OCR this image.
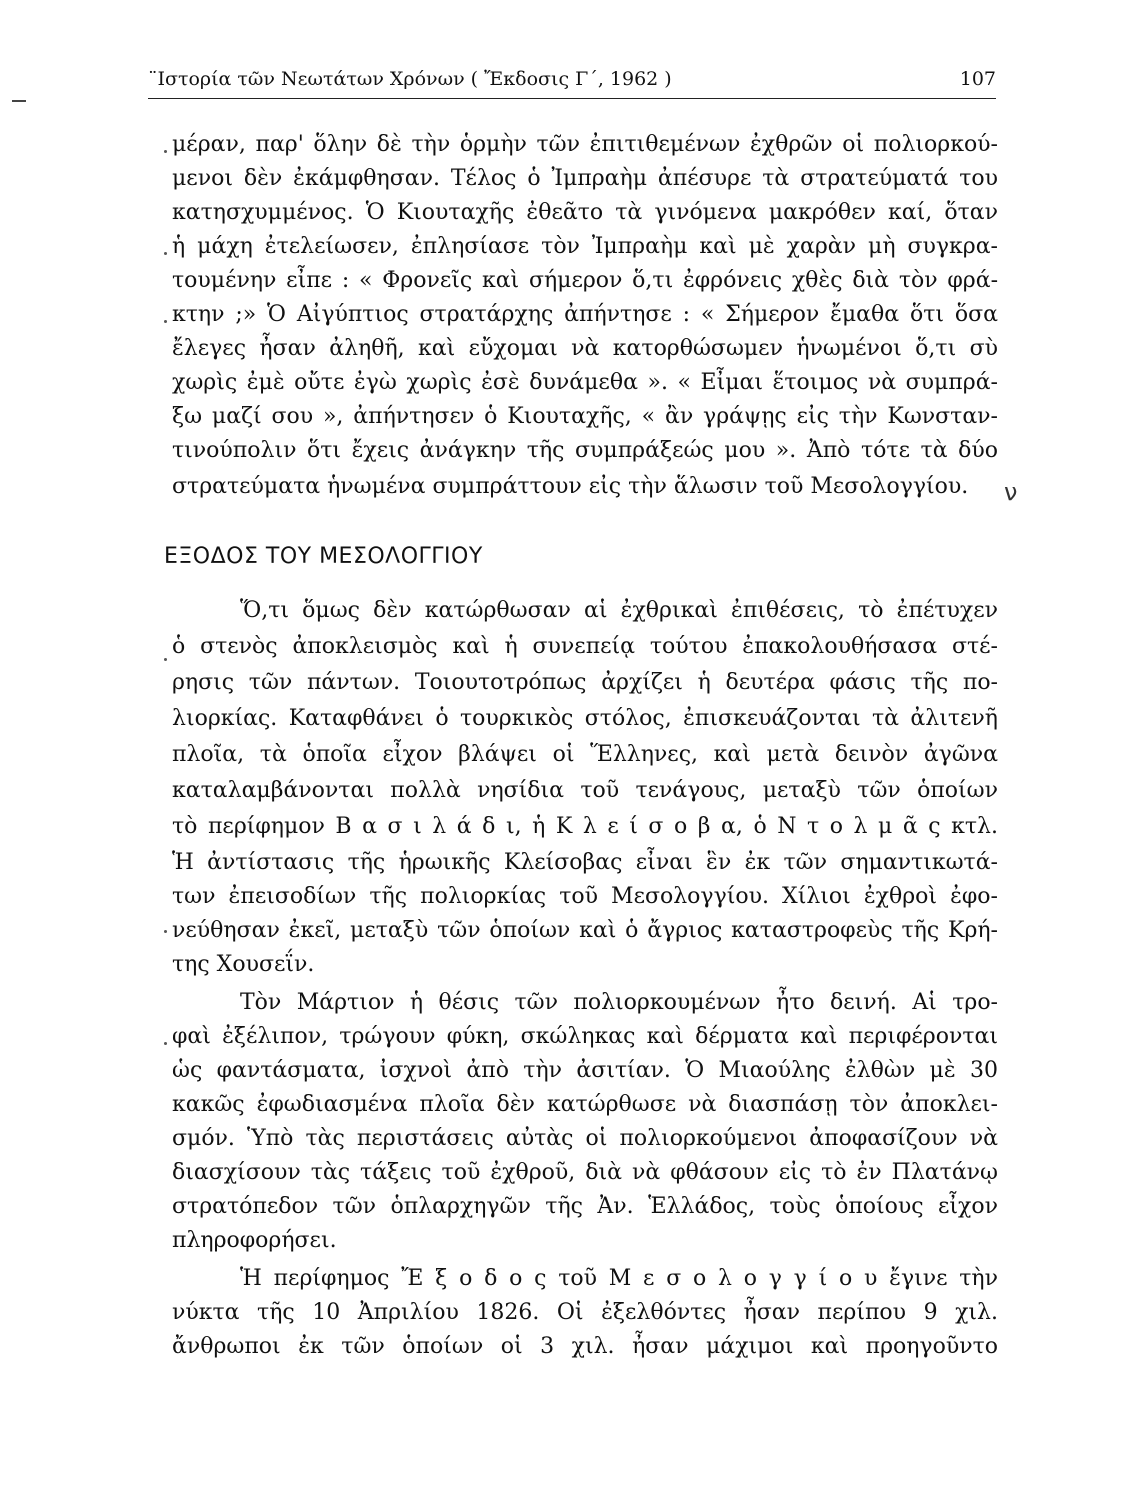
¨Ιστορία τῶν Νεωτάτων Χρόνων ( Ἔκδοσις Γ΄, 1962 )	107
μέραν, παρ' ὅλην δὲ τὴν ὁρμὴν τῶν ἐπιτιθεμένων ἐχθρῶν οἱ πολιορκού-
μενοι δὲν ἐκάμφθησαν. Τέλος ὁ Ἰμπραὴμ ἀπέσυρε τὰ στρατεύματά του
κατησχυμμένος. Ὁ Κιουταχῆς ἐθεᾶτο τὰ γινόμενα μακρόθεν καί, ὅταν
ἡ μάχη ἐτελείωσεν, ἐπλησίασε τὸν Ἰμπραὴμ καὶ μὲ χαρὰν μὴ συγκρα-
τουμένην εἶπε : « Φρονεῖς καὶ σήμερον ὅ,τι ἐφρόνεις χθὲς διὰ τὸν φρά-
κτην ;» Ὁ Αἰγύπτιος στρατάρχης ἀπήντησε : « Σήμερον ἔμαθα ὅτι ὅσα
ἔλεγες ἦσαν ἀληθῆ, καὶ εὔχομαι νὰ κατορθώσωμεν ἡνωμένοι ὅ,τι σὺ
χωρὶς ἐμὲ οὔτε ἐγὼ χωρὶς ἐσὲ δυνάμεθα ». « Εἶμαι ἕτοιμος νὰ συμπρά-
ξω μαζί σου », ἀπήντησεν ὁ Κιουταχῆς, « ἂν γράψῃς εἰς τὴν Κωνσταν-
τινούπολιν ὅτι ἔχεις ἀνάγκην τῆς συμπράξεώς μου ». Ἀπὸ τότε τὰ δύο
στρατεύματα ἡνωμένα συμπράττουν εἰς τὴν ἅλωσιν τοῦ Μεσολογγίου.	ν
ΕΞΟΔΟΣ ΤΟΥ ΜΕΣΟΛΟΓΓΙΟΥ
Ὅ,τι ὅμως δὲν κατώρθωσαν αἱ ἐχθρικαὶ ἐπιθέσεις, τὸ ἐπέτυχεν
ὁ στενὸς ἀποκλεισμὸς καὶ ἡ συνεπείᾳ τούτου ἐπακολουθήσασα στέ-
ρησις τῶν πάντων. Τοιουτοτρόπως ἀρχίζει ἡ δευτέρα φάσις τῆς πο-
λιορκίας. Καταφθάνει ὁ τουρκικὸς στόλος, ἐπισκευάζονται τὰ ἀλιτενῆ
πλοῖα, τὰ ὁποῖα εἶχον βλάψει οἱ Ἕλληνες, καὶ μετὰ δεινὸν ἀγῶνα
καταλαμβάνονται πολλὰ νησίδια τοῦ τενάγους, μεταξὺ τῶν ὁποίων
τὸ περίφημον Β α σ ι λ ά δ ι, ἡ Κ λ ε ί σ ο β α, ὁ Ν τ ο λ μ ᾶ ς κτλ.
Ἡ ἀντίστασις τῆς ἡρωικῆς Κλείσοβας εἶναι ἓν ἐκ τῶν σημαντικωτά-
των ἐπεισοδίων τῆς πολιορκίας τοῦ Μεσολογγίου. Χίλιοι ἐχθροὶ ἐφο-
νεύθησαν ἐκεῖ, μεταξὺ τῶν ὁποίων καὶ ὁ ἄγριος καταστροφεὺς τῆς Κρή-
της Χουσεΐν.
Τὸν Μάρτιον ἡ θέσις τῶν πολιορκουμένων ἦτο δεινή. Αἱ τρο-
φαὶ ἐξέλιπον, τρώγουν φύκη, σκώληκας καὶ δέρματα καὶ περιφέρονται
ὡς φαντάσματα, ἰσχνοὶ ἀπὸ τὴν ἀσιτίαν. Ὁ Μιαούλης ἐλθὼν μὲ 30
κακῶς ἐφωδιασμένα πλοῖα δὲν κατώρθωσε νὰ διασπάσῃ τὸν ἀποκλει-
σμόν. Ὑπὸ τὰς περιστάσεις αὐτὰς οἱ πολιορκούμενοι ἀποφασίζουν νὰ
διασχίσουν τὰς τάξεις τοῦ ἐχθροῦ, διὰ νὰ φθάσουν εἰς τὸ ἐν Πλατάνῳ
στρατόπεδον τῶν ὁπλαρχηγῶν τῆς Ἀν. Ἑλλάδος, τοὺς ὁποίους εἶχον
πληροφορήσει.
Ἡ περίφημος Ἔ ξ ο δ ο ς τοῦ Μ ε σ ο λ ο γ γ ί ο υ ἔγινε τὴν
νύκτα τῆς 10 Ἀπριλίου 1826. Οἱ ἐξελθόντες ἦσαν περίπου 9 χιλ.
ἄνθρωποι ἐκ τῶν ὁποίων οἱ 3 χιλ. ἦσαν μάχιμοι καὶ προηγοῦντο
